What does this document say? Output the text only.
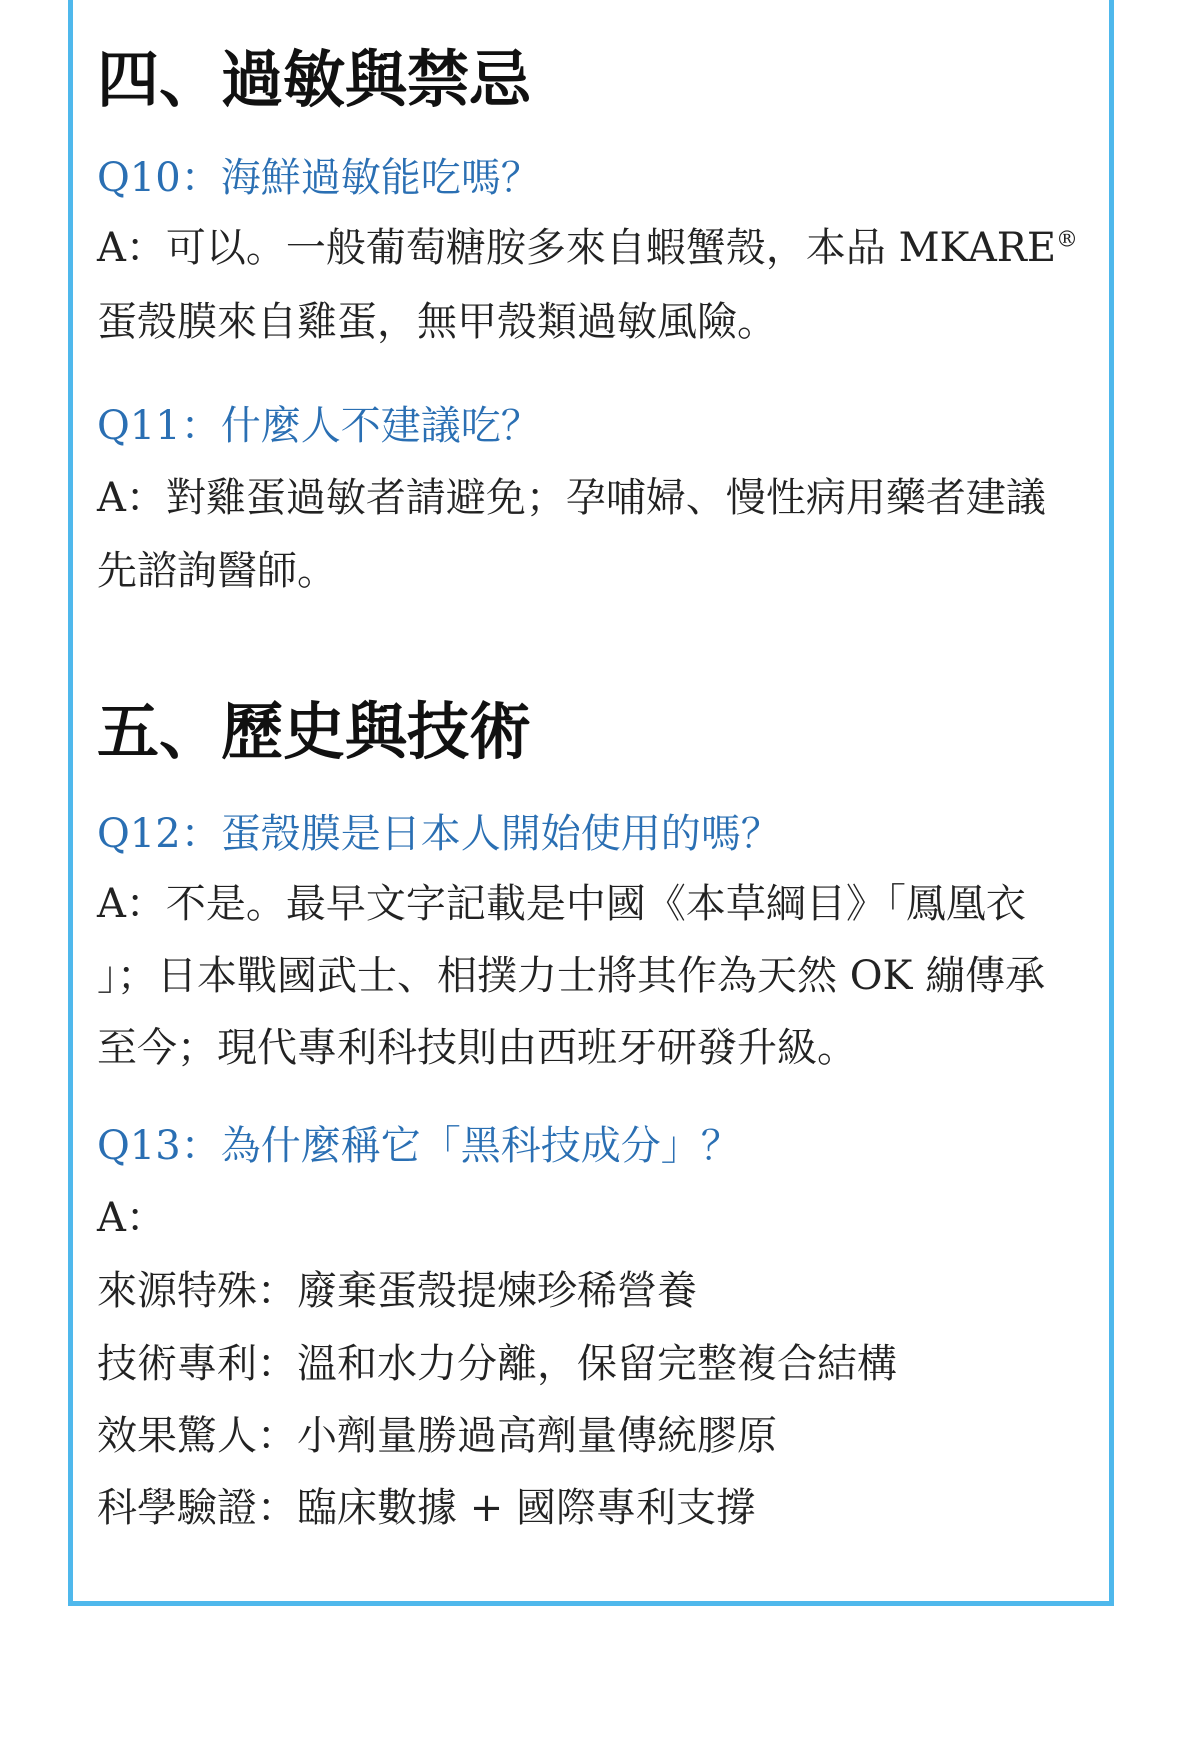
四、過敏與禁忌
Q10：海鮮過敏能吃嗎？
A：可以。一般葡萄糖胺多來自蝦蟹殼，本品 MKARE®
蛋殼膜來自雞蛋，無甲殼類過敏風險。
Q11：什麼人不建議吃？
A：對雞蛋過敏者請避免；孕哺婦、慢性病用藥者建議
先諮詢醫師。
五、歷史與技術
Q12：蛋殼膜是日本人開始使用的嗎？
A：不是。最早文字記載是中國《本草綱目》「鳳凰衣
」；日本戰國武士、相撲力士將其作為天然 OK 繃傳承
至今；現代專利科技則由西班牙研發升級。
Q13：為什麼稱它「黑科技成分」？
A：
來源特殊：廢棄蛋殼提煉珍稀營養
技術專利：溫和水力分離，保留完整複合結構
效果驚人：小劑量勝過高劑量傳統膠原
科學驗證：臨床數據 + 國際專利支撐
